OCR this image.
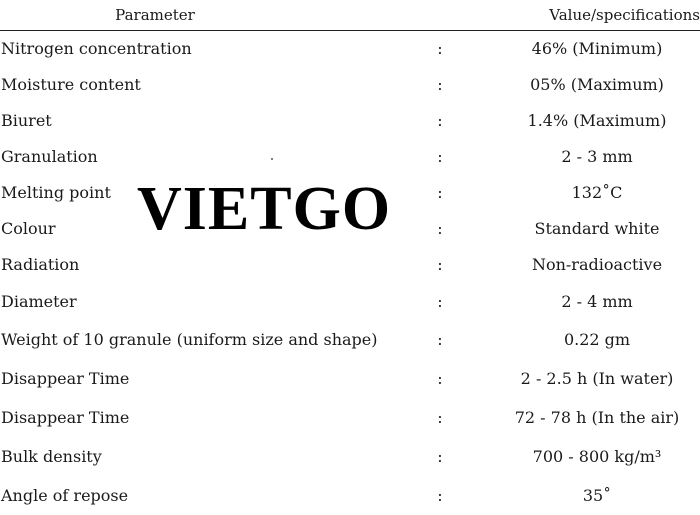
Parameter		Value/specifications
Nitrogen concentration	:	46% (Minimum)
Moisture content	:	05% (Maximum)
Biuret	:	1.4% (Maximum)
Granulation	:	2 - 3 mm
Melting point	:	132˚C
Colour	:	Standard white
Radiation	:	Non-radioactive
Diameter	:	2 - 4 mm
Weight of 10 granule (uniform size and shape)	:	0.22 gm
Disappear Time	:	2 - 2.5 h (In water)
Disappear Time	:	72 - 78 h (In the air)
Bulk density	:	700 - 800 kg/m³
Angle of repose	:	35˚
VIETGO
